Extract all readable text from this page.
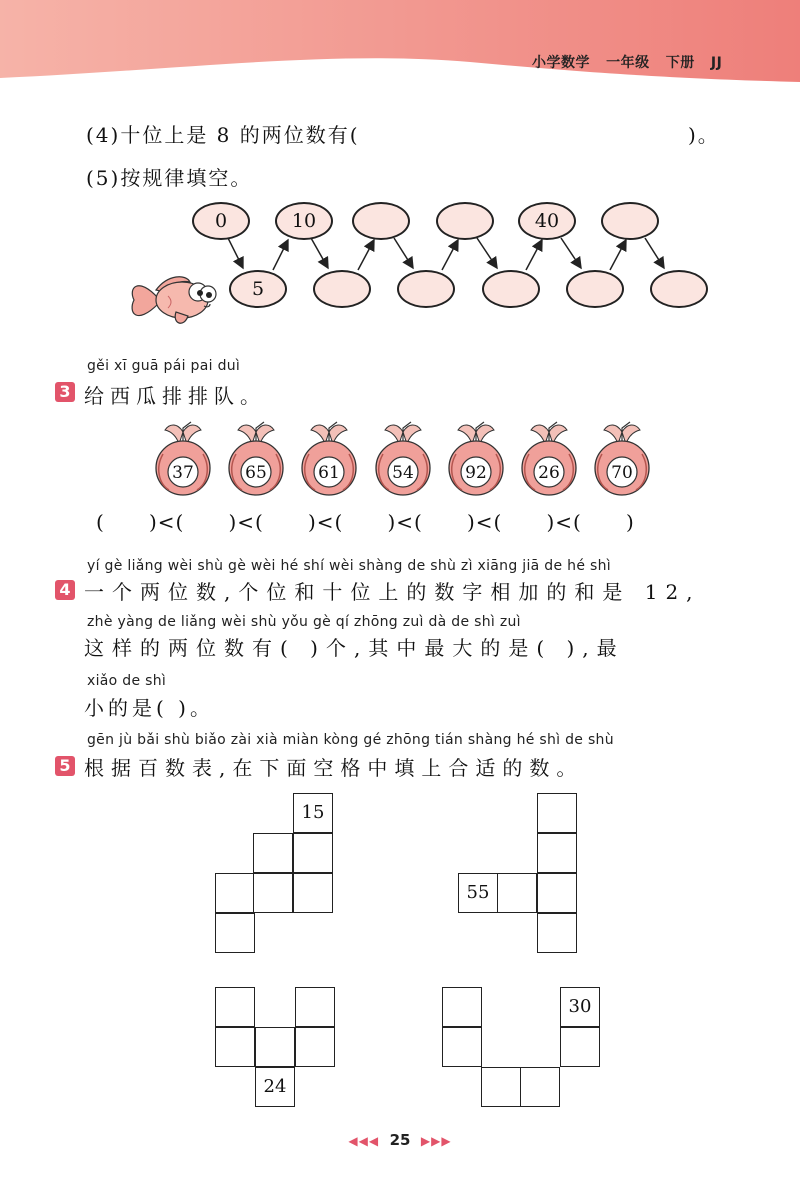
小学数学 一年级 下册 JJ
(4)十位上是 8 的两位数有(	)。
(5)按规律填空。
0	10	40
5
gěi xī guā pái pai duì
3 给西瓜排排队。
37	65	61	54	92	26	70
(      )<(      )<(      )<(      )<(      )<(      )<(      )
yí gè liǎng wèi shù gè wèi hé shí wèi shàng de shù zì xiāng jiā de hé shì
4 一个两位数,个位和十位上的数字相加的和是 12,
zhè yàng de liǎng wèi shù yǒu gè qí zhōng zuì dà de shì zuì
这样的两位数有( )个,其中最大的是( ),最
xiǎo de shì
小的是( )。
gēn jù bǎi shù biǎo zài xià miàn kòng gé zhōng tián shàng hé shì de shù
5 根据百数表,在下面空格中填上合适的数。
15
55
24
30
◀◀◀ 25 ▶▶▶
